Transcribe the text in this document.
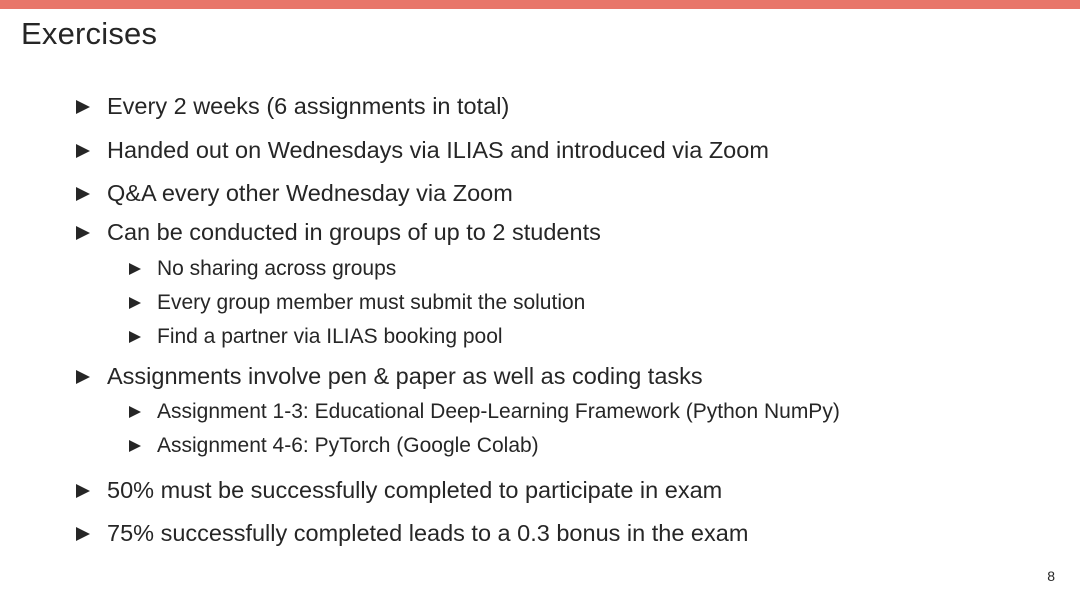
Exercises
Every 2 weeks (6 assignments in total)
Handed out on Wednesdays via ILIAS and introduced via Zoom
Q&A every other Wednesday via Zoom
Can be conducted in groups of up to 2 students
No sharing across groups
Every group member must submit the solution
Find a partner via ILIAS booking pool
Assignments involve pen & paper as well as coding tasks
Assignment 1-3: Educational Deep-Learning Framework (Python NumPy)
Assignment 4-6: PyTorch (Google Colab)
50% must be successfully completed to participate in exam
75% successfully completed leads to a 0.3 bonus in the exam
8
